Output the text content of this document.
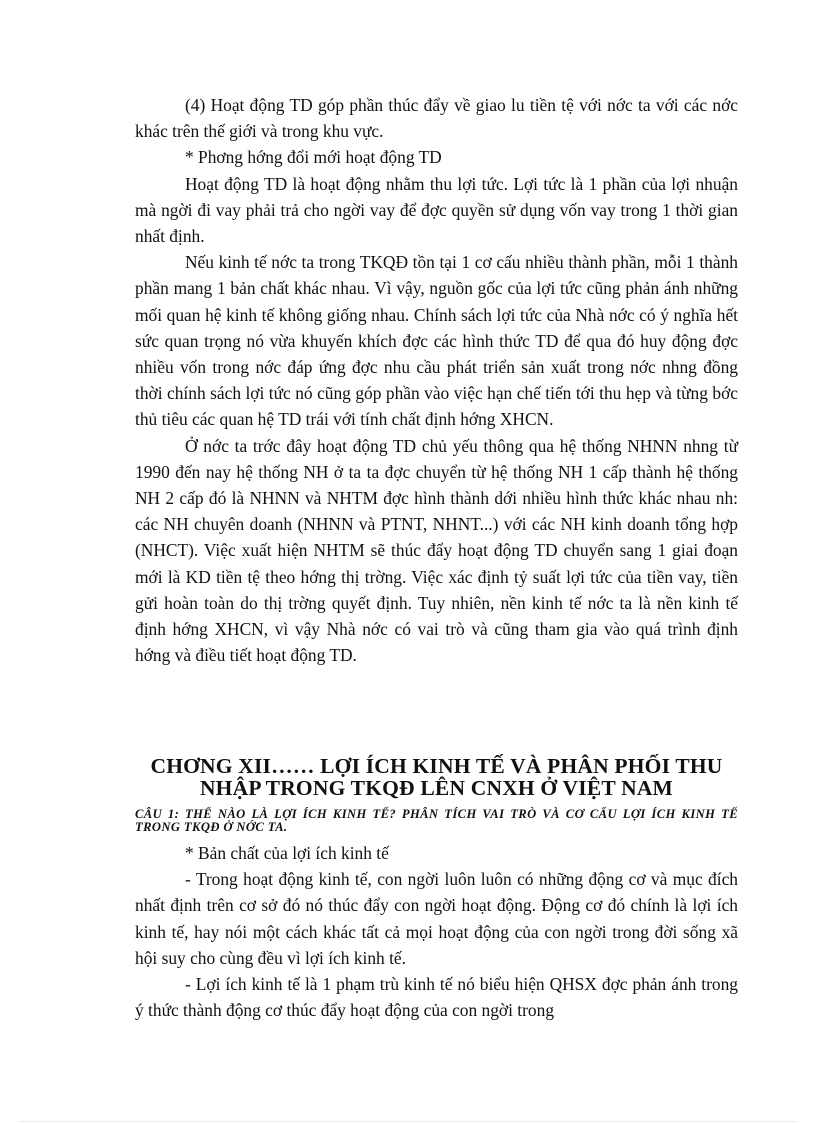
(4) Hoạt động TD góp phần thúc đẩy về giao lu tiền tệ với nớc ta với các nớc khác trên thế giới và trong khu vực.

* Phơng hớng đổi mới hoạt động TD

Hoạt động TD là hoạt động nhằm thu lợi tức. Lợi tức là 1 phần của lợi nhuận mà ngời đi vay phải trả cho ngời vay để đợc quyền sử dụng vốn vay trong 1 thời gian nhất định.

Nếu kinh tế nớc ta trong TKQĐ tồn tại 1 cơ cấu nhiều thành phần, mỗi 1 thành phần mang 1 bản chất khác nhau. Vì vậy, nguồn gốc của lợi tức cũng phản ánh những mối quan hệ kinh tế không giống nhau. Chính sách lợi tức của Nhà nớc có ý nghĩa hết sức quan trọng nó vừa khuyến khích đợc các hình thức TD để qua đó huy động đợc nhiều vốn trong nớc đáp ứng đợc nhu cầu phát triển sản xuất trong nớc nhng đồng thời chính sách lợi tức nó cũng góp phần vào việc hạn chế tiến tới thu hẹp và từng bớc thủ tiêu các quan hệ TD trái với tính chất định hớng XHCN.

Ở nớc ta trớc đây hoạt động TD chủ yếu thông qua hệ thống NHNN nhng từ 1990 đến nay hệ thống NH ở ta ta đợc chuyển từ hệ thống NH 1 cấp thành hệ thống NH 2 cấp đó là NHNN và NHTM đợc hình thành dới nhiều hình thức khác nhau nh: các NH chuyên doanh (NHNN và PTNT, NHNT...) với các NH kinh doanh tổng hợp (NHCT). Việc xuất hiện NHTM sẽ thúc đẩy hoạt động TD chuyển sang 1 giai đoạn mới là KD tiền tệ theo hớng thị trờng. Việc xác định tỷ suất lợi tức của tiền vay, tiền gửi hoàn toàn do thị trờng quyết định. Tuy nhiên, nền kinh tế nớc ta là nền kinh tế định hớng XHCN, vì vậy Nhà nớc có vai trò và cũng tham gia vào quá trình định hớng và điều tiết hoạt động TD.

CHƠNG XII…… LỢI ÍCH KINH TẾ VÀ PHÂN PHỐI THU NHẬP TRONG TKQĐ LÊN CNXH Ở VIỆT NAM
CÂU 1: THẾ NÀO LÀ LỢI ÍCH KINH TẾ? PHÂN TÍCH VAI TRÒ VÀ CƠ CẤU LỢI ÍCH KINH TẾ TRONG TKQĐ Ở NỚC TA.

* Bản chất của lợi ích kinh tế

- Trong hoạt động kinh tế, con ngời luôn luôn có những động cơ và mục đích nhất định trên cơ sở đó nó thúc đẩy con ngời hoạt động. Động cơ đó chính là lợi ích kinh tế, hay nói một cách khác tất cả mọi hoạt động của con ngời trong đời sống xã hội suy cho cùng đều vì lợi ích kinh tế.

- Lợi ích kinh tế là 1 phạm trù kinh tế nó biểu hiện QHSX đợc phản ánh trong ý thức thành động cơ thúc đẩy hoạt động của con ngời trong
